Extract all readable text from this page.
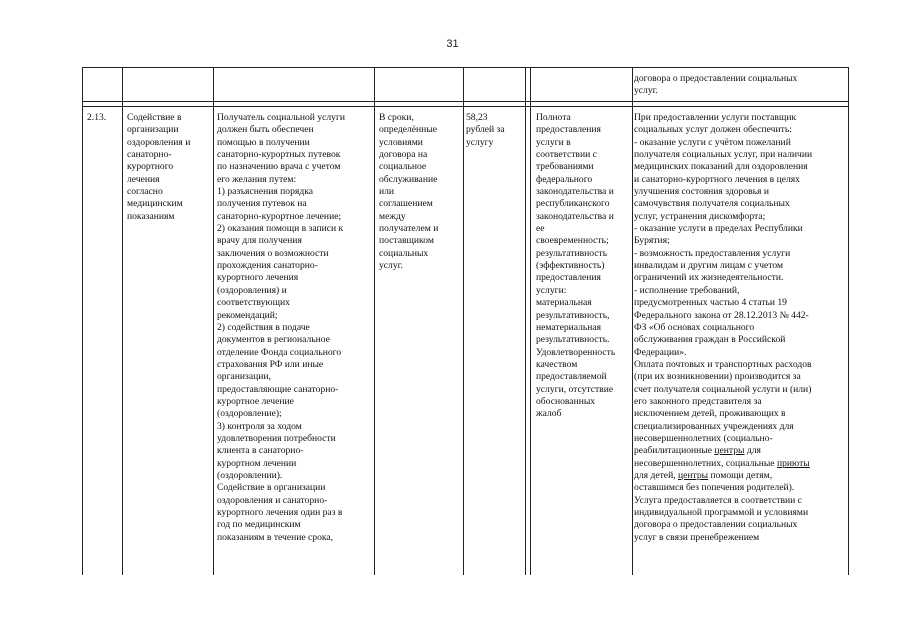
31
договора о предоставлении социальных
услуг.
2.13.	Содействие в
организации
оздоровления и
санаторно-
курортного
лечения
согласно
медицинским
показаниям
Получатель социальной услуги
должен быть обеспечен
помощью в получении
санаторно-курортных путевок
по назначению врача с учетом
его желания путем:
1) разъяснения порядка
получения путевок на
санаторно-курортное лечение;
2) оказания помощи в записи к
врачу для получения
заключения о возможности
прохождения санаторно-
курортного лечения
(оздоровления) и
соответствующих
рекомендаций;
2) содействия в подаче
документов в региональное
отделение Фонда социального
страхования РФ или иные
организации,
предоставляющие санаторно-
курортное лечение
(оздоровление);
3) контроля за ходом
удовлетворения потребности
клиента в санаторно-
курортном лечении
(оздоровлении).
Содействие в организации
оздоровления и санаторно-
курортного лечения один раз в
год по медицинским
показаниям в течение срока,
В сроки,
определённые
условиями
договора на
социальное
обслуживание
или
соглашением
между
получателем и
поставщиком
социальных
услуг.
58,23
рублей за
услугу
Полнота
предоставления
услуги в
соответствии с
требованиями
федерального
законодательства и
республиканского
законодательства и
ее
своевременность;
результативность
(эффективность)
предоставления
услуги:
материальная
результативность,
нематериальная
результативность.
Удовлетворенность
качеством
предоставляемой
услуги, отсутствие
обоснованных
жалоб
При предоставлении услуги поставщик
социальных услуг должен обеспечить:
- оказание услуги с учётом пожеланий
получателя социальных услуг, при наличии
медицинских показаний для оздоровления
и санаторно-курортного лечения в целях
улучшения состояния здоровья и
самочувствия получателя социальных
услуг, устранения дискомфорта;
- оказание услуги в пределах Республики
Бурятия;
- возможность предоставления услуги
инвалидам и другим лицам с учетом
ограничений их жизнедеятельности.
- исполнение требований,
предусмотренных частью 4 статьи 19
Федерального закона от 28.12.2013 № 442-
ФЗ «Об основах социального
обслуживания граждан в Российской
Федерации».
Оплата почтовых и транспортных расходов
(при их возникновении) производится за
счет получателя социальной услуги и (или)
его законного представителя за
исключением детей, проживающих в
специализированных учреждениях для
несовершеннолетних (социально-
реабилитационные центры для
несовершеннолетних, социальные приюты
для детей, центры помощи детям,
оставшимся без попечения родителей).
Услуга предоставляется в соответствии с
индивидуальной программой и условиями
договора о предоставлении социальных
услуг в связи пренебрежением
